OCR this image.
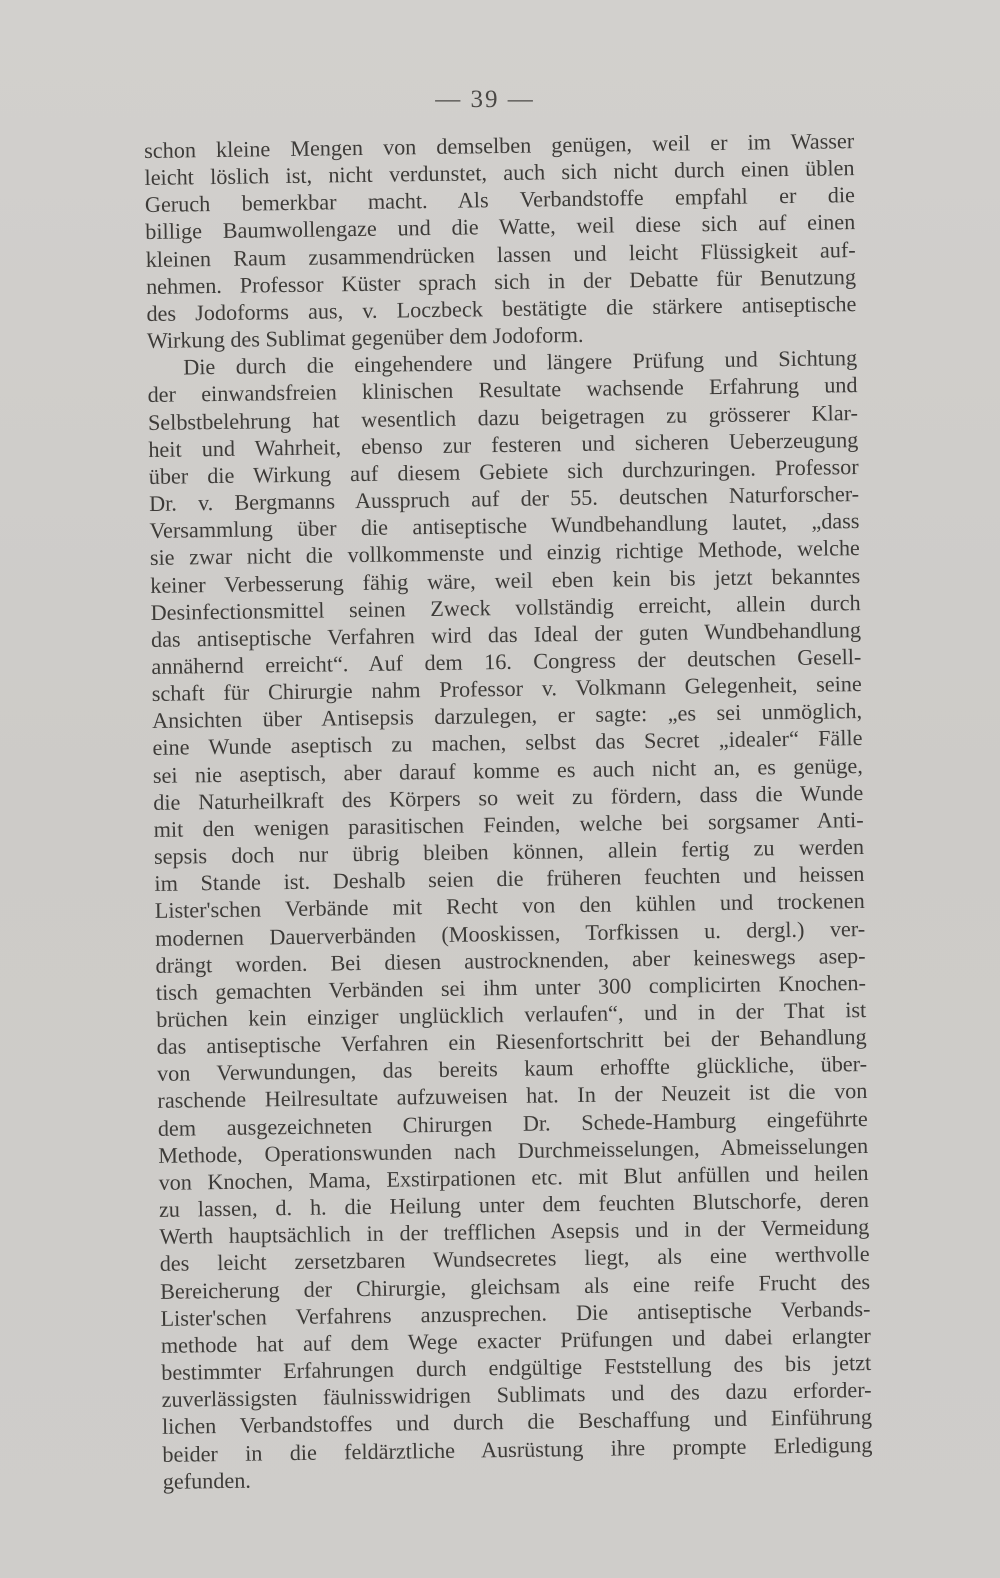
— 39 —
schon kleine Mengen von demselben genügen, weil er im Wasser
leicht löslich ist, nicht verdunstet, auch sich nicht durch einen üblen
Geruch bemerkbar macht. Als Verbandstoffe empfahl er die
billige Baumwollengaze und die Watte, weil diese sich auf einen
kleinen Raum zusammendrücken lassen und leicht Flüssigkeit auf-
nehmen. Professor Küster sprach sich in der Debatte für Benutzung
des Jodoforms aus, v. Loczbeck bestätigte die stärkere antiseptische
Wirkung des Sublimat gegenüber dem Jodoform.
Die durch die eingehendere und längere Prüfung und Sichtung
der einwandsfreien klinischen Resultate wachsende Erfahrung und
Selbstbelehrung hat wesentlich dazu beigetragen zu grösserer Klar-
heit und Wahrheit, ebenso zur festeren und sicheren Ueberzeugung
über die Wirkung auf diesem Gebiete sich durchzuringen. Professor
Dr. v. Bergmanns Ausspruch auf der 55. deutschen Naturforscher-
Versammlung über die antiseptische Wundbehandlung lautet, „dass
sie zwar nicht die vollkommenste und einzig richtige Methode, welche
keiner Verbesserung fähig wäre, weil eben kein bis jetzt bekanntes
Desinfectionsmittel seinen Zweck vollständig erreicht, allein durch
das antiseptische Verfahren wird das Ideal der guten Wundbehandlung
annähernd erreicht“. Auf dem 16. Congress der deutschen Gesell-
schaft für Chirurgie nahm Professor v. Volkmann Gelegenheit, seine
Ansichten über Antisepsis darzulegen, er sagte: „es sei unmöglich,
eine Wunde aseptisch zu machen, selbst das Secret „idealer“ Fälle
sei nie aseptisch, aber darauf komme es auch nicht an, es genüge,
die Naturheilkraft des Körpers so weit zu fördern, dass die Wunde
mit den wenigen parasitischen Feinden, welche bei sorgsamer Anti-
sepsis doch nur übrig bleiben können, allein fertig zu werden
im Stande ist. Deshalb seien die früheren feuchten und heissen
Lister'schen Verbände mit Recht von den kühlen und trockenen
modernen Dauerverbänden (Mooskissen, Torfkissen u. dergl.) ver-
drängt worden. Bei diesen austrocknenden, aber keineswegs asep-
tisch gemachten Verbänden sei ihm unter 300 complicirten Knochen-
brüchen kein einziger unglücklich verlaufen“, und in der That ist
das antiseptische Verfahren ein Riesenfortschritt bei der Behandlung
von Verwundungen, das bereits kaum erhoffte glückliche, über-
raschende Heilresultate aufzuweisen hat. In der Neuzeit ist die von
dem ausgezeichneten Chirurgen Dr. Schede-Hamburg eingeführte
Methode, Operationswunden nach Durchmeisselungen, Abmeisselungen
von Knochen, Mama, Exstirpationen etc. mit Blut anfüllen und heilen
zu lassen, d. h. die Heilung unter dem feuchten Blutschorfe, deren
Werth hauptsächlich in der trefflichen Asepsis und in der Vermeidung
des leicht zersetzbaren Wundsecretes liegt, als eine werthvolle
Bereicherung der Chirurgie, gleichsam als eine reife Frucht des
Lister'schen Verfahrens anzusprechen. Die antiseptische Verbands-
methode hat auf dem Wege exacter Prüfungen und dabei erlangter
bestimmter Erfahrungen durch endgültige Feststellung des bis jetzt
zuverlässigsten fäulnisswidrigen Sublimats und des dazu erforder-
lichen Verbandstoffes und durch die Beschaffung und Einführung
beider in die feldärztliche Ausrüstung ihre prompte Erledigung
gefunden.
